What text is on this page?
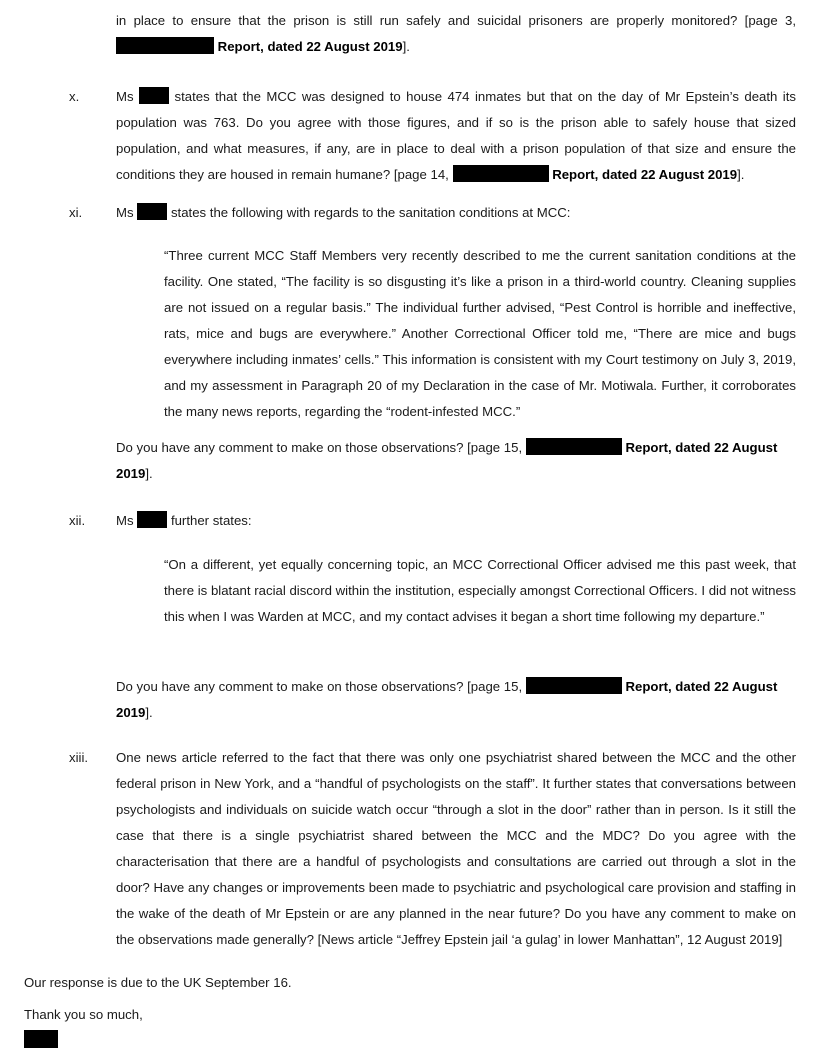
in place to ensure that the prison is still run safely and suicidal prisoners are properly monitored? [page 3,

Report, dated 22 August 2019].

x.	Ms	states that the MCC was designed to house 474 inmates but that on the day of Mr Epstein’s death its population was 763. Do you agree with those figures, and if so is the prison able to safely house that sized population, and what measures, if any, are in place to deal with a prison population of that size and ensure the conditions they are housed in remain humane? [page 14,	Report, dated 22 August 2019].

xi.	Ms	states the following with regards to the sanitation conditions at MCC:

“Three current MCC Staff Members very recently described to me the current sanitation conditions at the facility. One stated, “The facility is so disgusting it’s like a prison in a third-world country. Cleaning supplies are not issued on a regular basis.” The individual further advised, “Pest Control is horrible and ineffective, rats, mice and bugs are everywhere.” Another Correctional Officer told me, “There are mice and bugs everywhere including inmates’ cells.” This information is consistent with my Court testimony on July 3, 2019, and my assessment in Paragraph 20 of my Declaration in the case of Mr. Motiwala. Further, it corroborates the many news reports, regarding the “rodent-infested MCC.”

Do you have any comment to make on those observations? [page 15,	Report, dated 22 August

2019].

xii. Ms	further states:

“On a different, yet equally concerning topic, an MCC Correctional Officer advised me this past week, that there is blatant racial discord within the institution, especially amongst Correctional Officers. I did not witness this when I was Warden at MCC, and my contact advises it began a short time following my departure.”

Do you have any comment to make on those observations? [page 15,	Report, dated 22 August

2019].

xiii. One news article referred to the fact that there was only one psychiatrist shared between the MCC and the other federal prison in New York, and a “handful of psychologists on the staff”. It further states that conversations between psychologists and individuals on suicide watch occur “through a slot in the door” rather than in person. Is it still the case that there is a single psychiatrist shared between the MCC and the MDC? Do you agree with the characterisation that there are a handful of psychologists and consultations are carried out through a slot in the door? Have any changes or improvements been made to psychiatric and psychological care provision and staffing in the wake of the death of Mr Epstein or are any planned in the near future? Do you have any comment to make on the observations made generally? [News article “Jeffrey Epstein jail ‘a gulag’ in lower Manhattan”, 12 August 2019]

Our response is due to the UK September 16.

Thank you so much,
